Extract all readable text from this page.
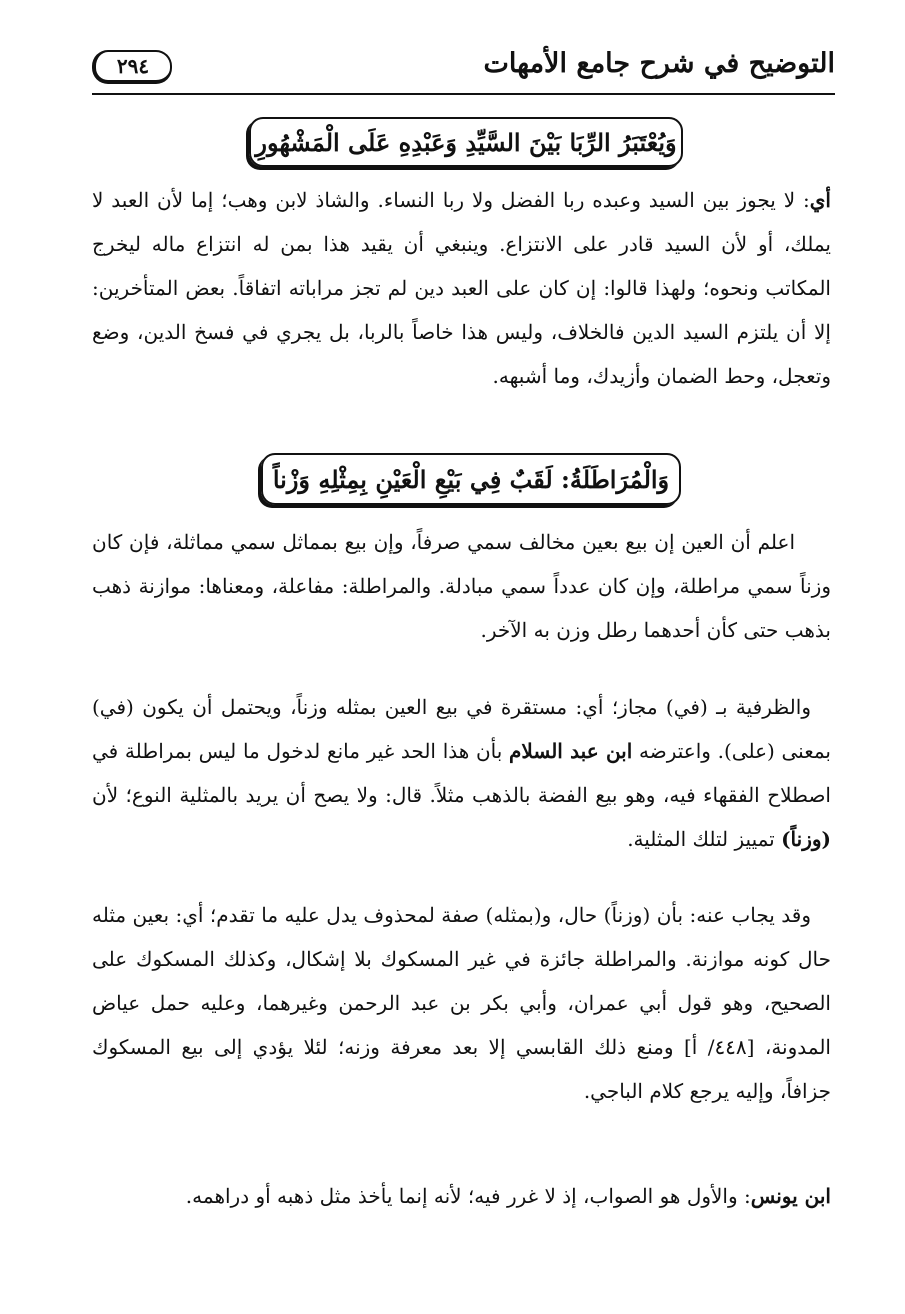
التوضيح في شرح جامع الأمهات
٢٩٤
وَيُعْتَبَرُ الرِّبَا بَيْنَ السَّيِّدِ وَعَبْدِهِ عَلَى الْمَشْهُورِ

أي: لا يجوز بين السيد وعبده ربا الفضل ولا ربا النساء. والشاذ لابن وهب؛ إما لأن العبد لا يملك، أو لأن السيد قادر على الانتزاع. وينبغي أن يقيد هذا بمن له انتزاع ماله ليخرج المكاتب ونحوه؛ ولهذا قالوا: إن كان على العبد دين لم تجز مراباته اتفاقاً. بعض المتأخرين: إلا أن يلتزم السيد الدين فالخلاف، وليس هذا خاصاً بالربا، بل يجري في فسخ الدين، وضع وتعجل، وحط الضمان وأزيدك، وما أشبهه.

وَالْمُرَاطَلَةُ: لَقَبٌ فِي بَيْعِ الْعَيْنِ بِمِثْلِهِ وَزْناً

اعلم أن العين إن بيع بعين مخالف سمي صرفاً، وإن بيع بمماثل سمي مماثلة، فإن كان وزناً سمي مراطلة، وإن كان عدداً سمي مبادلة. والمراطلة: مفاعلة، ومعناها: موازنة ذهب بذهب حتى كأن أحدهما رطل وزن به الآخر.

والظرفية بـ (في) مجاز؛ أي: مستقرة في بيع العين بمثله وزناً، ويحتمل أن يكون (في) بمعنى (على). واعترضه ابن عبد السلام بأن هذا الحد غير مانع لدخول ما ليس بمراطلة في اصطلاح الفقهاء فيه، وهو بيع الفضة بالذهب مثلاً. قال: ولا يصح أن يريد بالمثلية النوع؛ لأن (وزناً) تمييز لتلك المثلية.

وقد يجاب عنه: بأن (وزناً) حال، و(بمثله) صفة لمحذوف يدل عليه ما تقدم؛ أي: بعين مثله حال كونه موازنة. والمراطلة جائزة في غير المسكوك بلا إشكال، وكذلك المسكوك على الصحيح، وهو قول أبي عمران، وأبي بكر بن عبد الرحمن وغيرهما، وعليه حمل عياض المدونة، [٤٤٨/ أ] ومنع ذلك القابسي إلا بعد معرفة وزنه؛ لئلا يؤدي إلى بيع المسكوك جزافاً، وإليه يرجع كلام الباجي.

ابن يونس: والأول هو الصواب، إذ لا غرر فيه؛ لأنه إنما يأخذ مثل ذهبه أو دراهمه.
